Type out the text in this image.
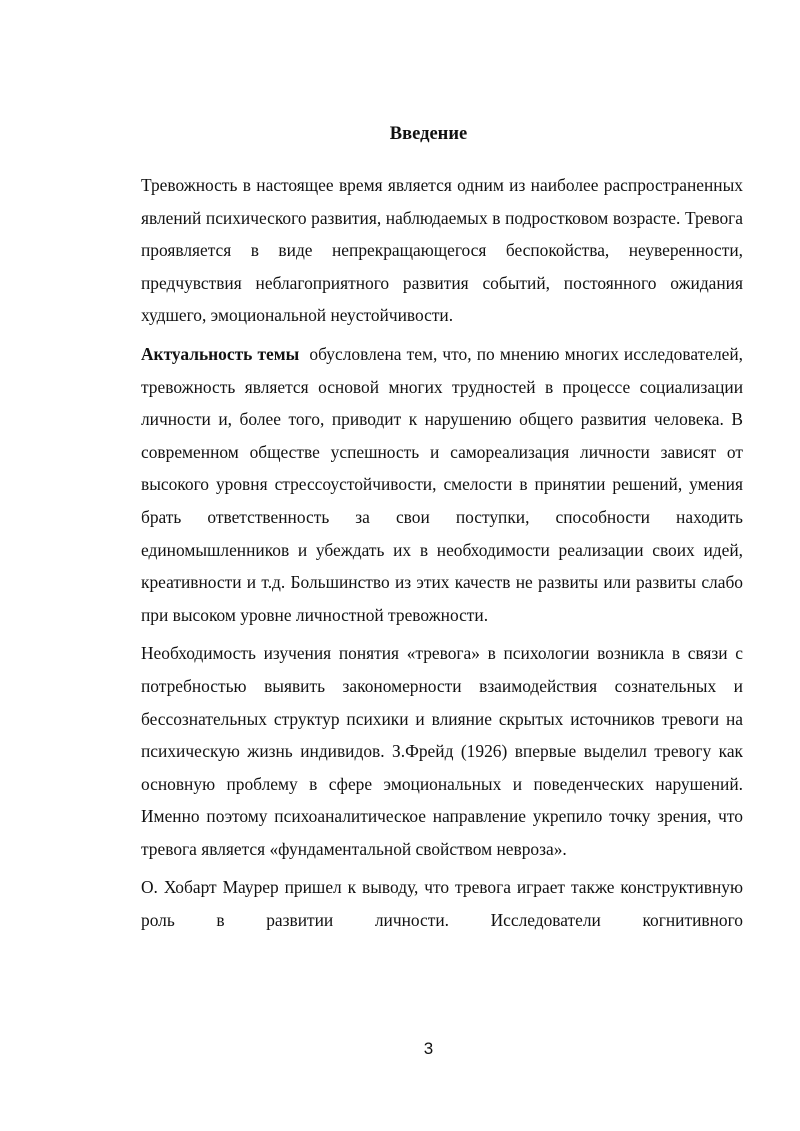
Введение

Тревожность в настоящее время является одним из наиболее распространенных явлений психического развития, наблюдаемых в подростковом возрасте. Тревога проявляется в виде непрекращающегося беспокойства, неуверенности, предчувствия неблагоприятного развития событий, постоянного ожидания худшего, эмоциональной неустойчивости.

Актуальность темы  обусловлена тем, что, по мнению многих исследователей, тревожность является основой многих трудностей в процессе социализации личности и, более того, приводит к нарушению общего развития человека. В современном обществе успешность и самореализация личности зависят от высокого уровня стрессоустойчивости, смелости в принятии решений, умения брать ответственность за свои поступки, способности находить единомышленников и убеждать их в необходимости реализации своих идей, креативности и т.д. Большинство из этих качеств не развиты или развиты слабо при высоком уровне личностной тревожности.

Необходимость изучения понятия «тревога» в психологии возникла в связи с потребностью выявить закономерности взаимодействия сознательных и бессознательных структур психики и влияние скрытых источников тревоги на психическую жизнь индивидов. З.Фрейд (1926) впервые выделил тревогу как основную проблему в сфере эмоциональных и поведенческих нарушений. Именно поэтому психоаналитическое направление укрепило точку зрения, что тревога является «фундаментальной свойством невроза».

О. Хобарт Маурер пришел к выводу, что тревога играет также конструктивную роль в развитии личности. Исследователи когнитивного

3
